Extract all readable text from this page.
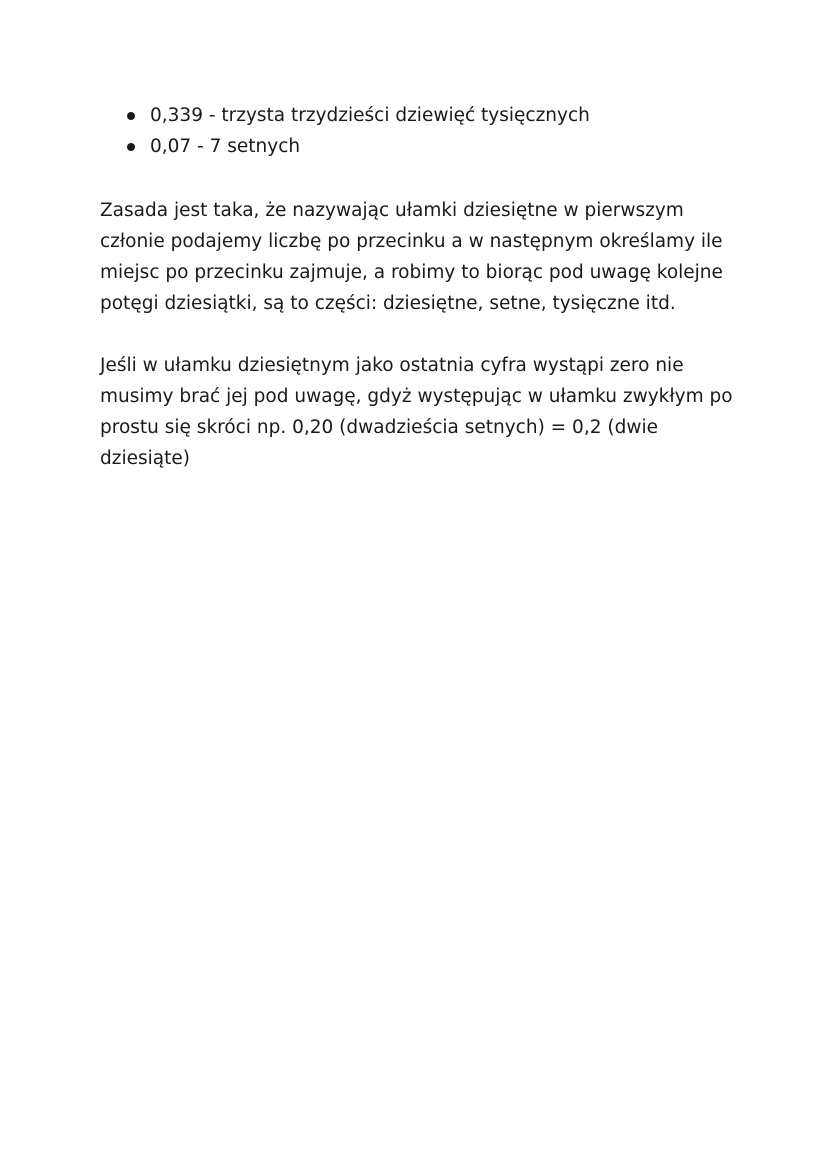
0,339 - trzysta trzydzieści dziewięć tysięcznych
0,07 - 7 setnych

Zasada jest taka, że nazywając ułamki dziesiętne w pierwszym
członie podajemy liczbę po przecinku a w następnym określamy ile
miejsc po przecinku zajmuje, a robimy to biorąc pod uwagę kolejne
potęgi dziesiątki, są to części: dziesiętne, setne, tysięczne itd.

Jeśli w ułamku dziesiętnym jako ostatnia cyfra wystąpi zero nie
musimy brać jej pod uwagę, gdyż występując w ułamku zwykłym po
prostu się skróci np. 0,20 (dwadzieścia setnych) = 0,2 (dwie
dziesiąte)
